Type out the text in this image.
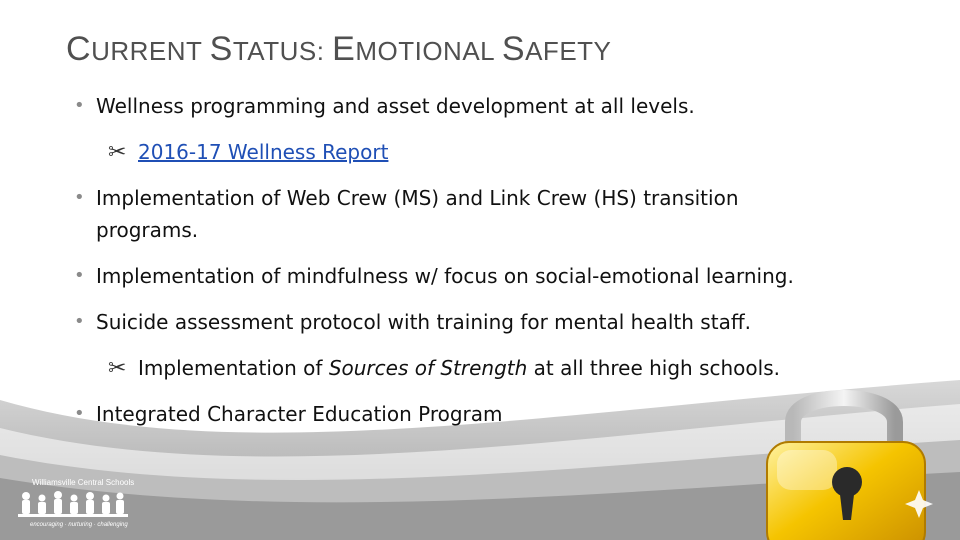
CURRENT STATUS: EMOTIONAL SAFETY
• Wellness programming and asset development at all levels.
✂ 2016-17 Wellness Report
• Implementation of Web Crew (MS) and Link Crew (HS) transition programs.
• Implementation of mindfulness w/ focus on social-emotional learning.
• Suicide assessment protocol with training for mental health staff.
✂ Implementation of Sources of Strength at all three high schools.
• Integrated Character Education Program
Williamsville Central Schools
encouraging · nurturing · challenging
